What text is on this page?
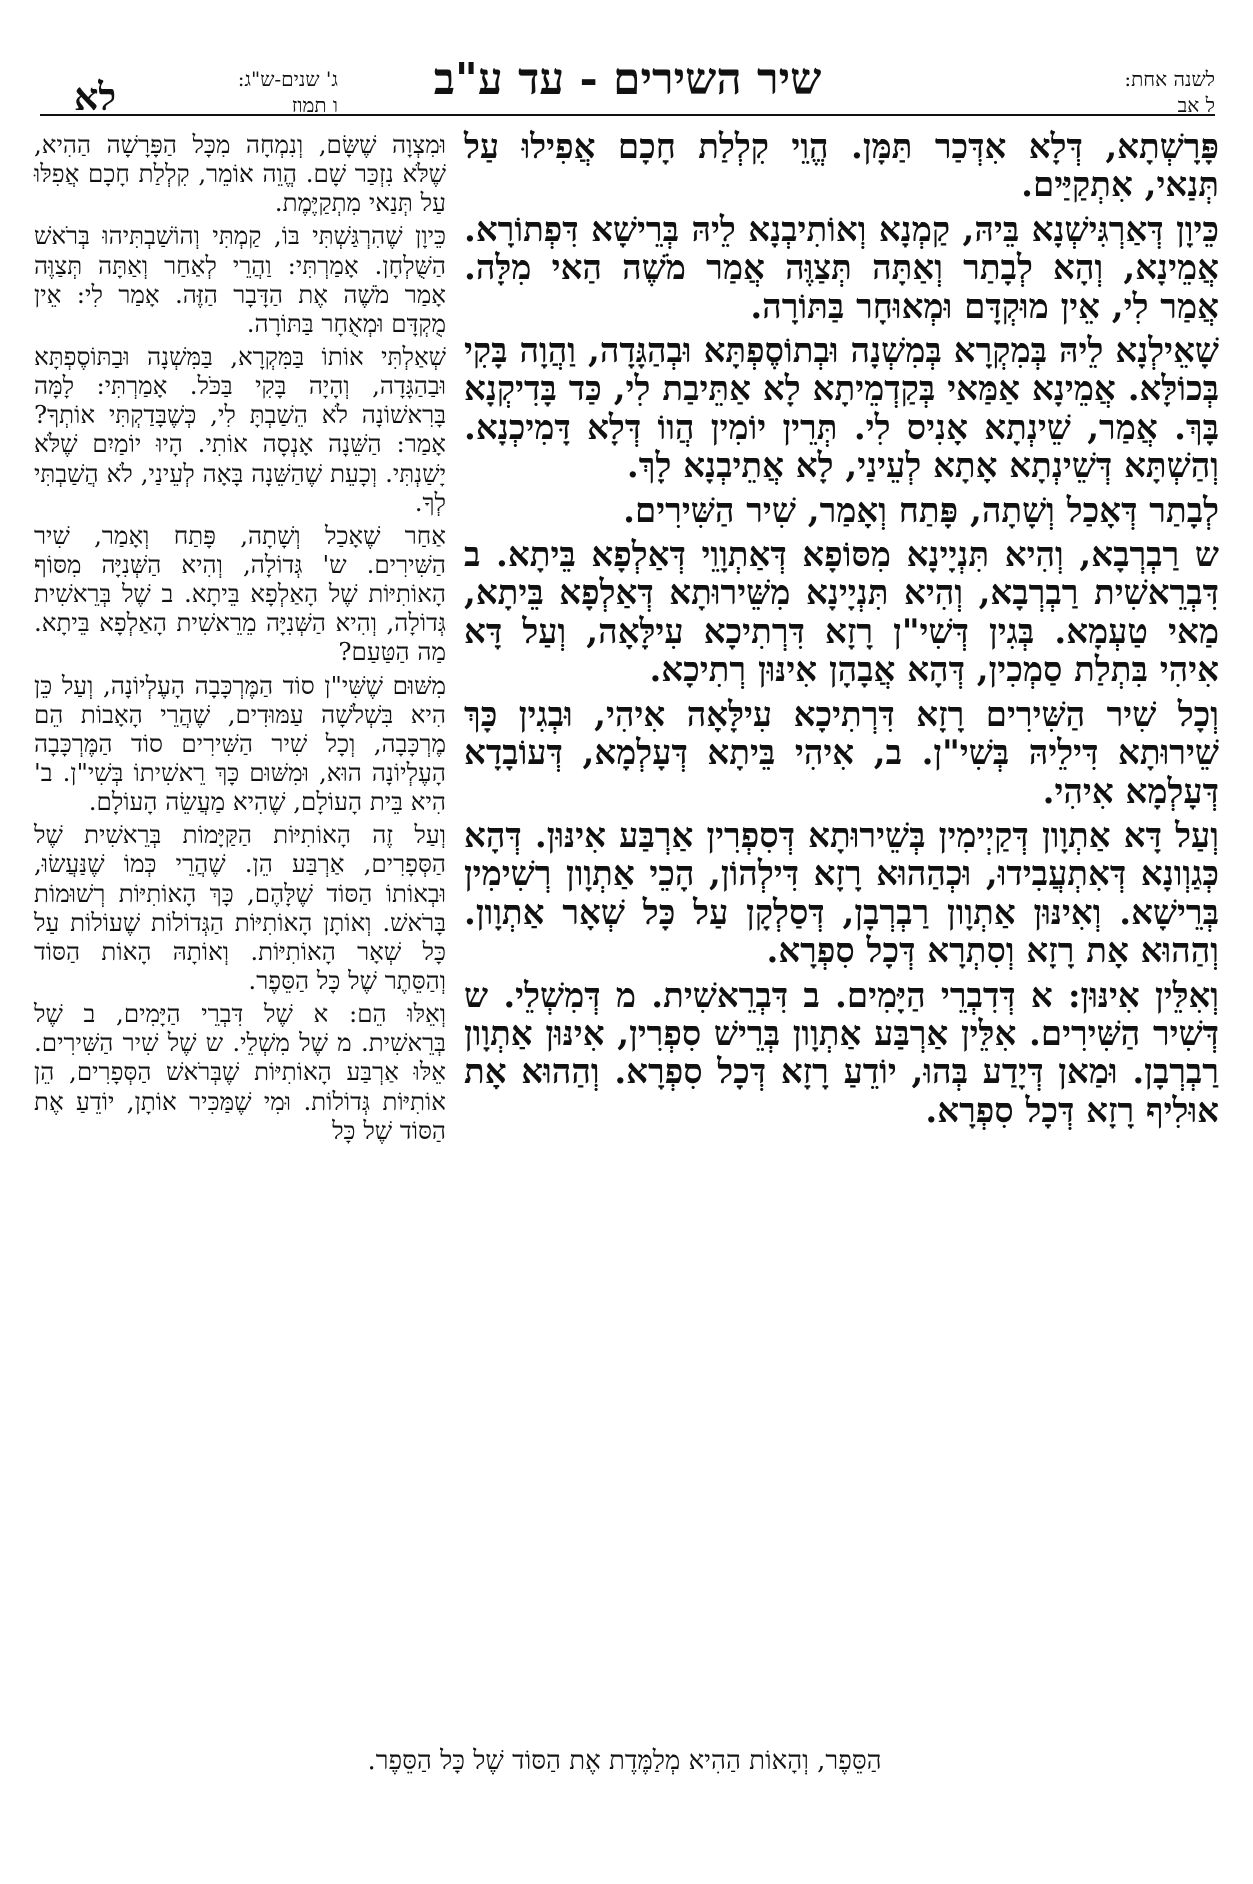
לשנה אחת:
ל אב
שיר השירים - עד ע"ב
ג' שנים-ש"ג:
ו תמוז
לא

פָּרָשְׁתָא, דְּלָא אִדְּכַר תַּמָּן. הֱוֵי קִלְלַת חָכָם אֲפִילוּ עַל תְּנַאי, אִתְקַיַּים.

כֵּיוָן דְּאַרְגִּישְׁנָא בֵּיהּ, קַמְנָא וְאוֹתִיבְנָא לֵיהּ בְּרֵישָׁא דִּפְתוֹרָא. אֲמֵינָא, וְהָא לְבָתַר וְאַתָּה תְּצַוֶּה אֲמַר מֹשֶׁה הַאי מִלָּה. אֲמַר לִי, אֵין מוּקְדָּם וּמְאוּחָר בַּתּוֹרָה.

שָׁאֵילְנָא לֵיהּ בְּמִקְרָא בְּמִשְׁנָה וּבְתוֹסֶפְתָּא וּבְהַגָּדָה, וַהֲוָה בָּקִי בְּכוֹלָּא. אֲמֵינָא אַמַּאי בְּקַדְמֵיתָא לָא אַתֵּיבַת לִי, כַּד בָּדִיקְנָא בָּךְ. אֲמַר, שֵׁינְתָא אָנִיס לִי. תְּרֵין יוֹמִין הֲווֹ דְּלָא דָּמִיכְנָא. וְהַשְׁתָּא דְּשֵׁינְתָא אָתָא לְעֵינַי, לָא אֲתֵיבְנָא לָךְ.

לְבָתַר דְּאָכַל וְשָׁתָה, פָּתַח וְאָמַר, שִׁיר הַשִּׁירִים.

ש רַבְרְבָא, וְהִיא תִּנְיָינָא מִסּוֹפָא דְּאַתְוָוֵי דְּאַלְפָא בֵּיתָא. ב דִּבְרֵאשִׁית רַבְרְבָא, וְהִיא תִּנְיָינָא מִשֵּׁירוּתָא דְּאַלְפָא בֵּיתָא, מַאי טַעְמָא. בְּגִין דְּשִׁי"ן רָזָא דִּרְתִיכָא עִילָּאָה, וְעַל דָּא אִיהִי בִּתְלַת סַמְכִין, דְּהָא אֲבָהָן אִינּוּן רְתִיכָא.

וְכָל שִׁיר הַשִּׁירִים רָזָא דִּרְתִיכָא עִילָּאָה אִיהִי, וּבְגִין כָּךְ שֵׁירוּתָא דִּילֵיהּ בְּשִׁי"ן. ב, אִיהִי בֵּיתָא דְּעָלְמָא, דְּעוֹבָדָא דְּעָלְמָא אִיהִי.

וְעַל דָּא אַתְוָון דְּקַיְימִין בְּשֵׁירוּתָא דְּסִפְרִין אַרְבַּע אִינּוּן. דְּהָא כְּגַוְונָא דְּאִתְעֲבִידוּ, וּכְהַהוּא רָזָא דִּילְהוֹן, הָכֵי אַתְוָון רְשִׁימִין בְּרֵישָׁא. וְאִינּוּן אַתְוָון רַבְרְבָן, דְּסַלְקָן עַל כָּל שְׁאָר אַתְוָון. וְהַהוּא אָת רָזָא וְסִתְרָא דְּכָל סִפְרָא.

וְאִלֵּין אִינּוּן: א דְּדִבְרֵי הַיָּמִים. ב דִּבְרֵאשִׁית. מ דְּמִשְׁלֵי. ש דְּשִׁיר הַשִּׁירִים. אִלֵּין אַרְבַּע אַתְוָון בְּרֵישׁ סִפְרִין, אִינּוּן אַתְוָון רַבְרְבָן. וּמַאן דְּיָדַע בְּהוּ, יוֹדֵעַ רָזָא דְּכָל סִפְרָא. וְהַהוּא אָת אוּלִיף רָזָא דְּכָל סִפְרָא.

וּמִצְוָה שֶׁשָּׂם, וְנִמְחָה מִכָּל הַפָּרָשָׁה הַהִיא, שֶׁלֹּא נִזְכַּר שָׁם. הֱוֵה אוֹמֵר, קִלְלַת חָכָם אֲפִלּוּ עַל תְּנַאי מִתְקַיֶּמֶת.

כֵּיוָן שֶׁהִרְגַּשְׁתִּי בּוֹ, קַמְתִּי וְהוֹשַׁבְתִּיהוּ בְּרֹאשׁ הַשֻּׁלְחָן. אָמַרְתִּי: וַהֲרֵי לְאַחַר וְאַתָּה תְּצַוֶּה אָמַר מֹשֶׁה אֶת הַדָּבָר הַזֶּה. אָמַר לִי: אֵין מֻקְדָּם וּמְאֻחָר בַּתּוֹרָה.

שְׁאַלְתִּי אוֹתוֹ בַּמִּקְרָא, בַּמִּשְׁנָה וּבַתּוֹסֶפְתָּא וּבַהַגָּדָה, וְהָיָה בָּקִי בַּכֹּל. אָמַרְתִּי: לָמָּה בָּרִאשׁוֹנָה לֹא הֵשַׁבְתָּ לִי, כְּשֶׁבָּדַקְתִּי אוֹתְךָ? אָמַר: הַשֵּׁנָה אָנְסָה אוֹתִי. הָיוּ יוֹמַיִם שֶׁלֹּא יָשַׁנְתִּי. וְכָעֵת שֶׁהַשֵּׁנָה בָּאָה לְעֵינַי, לֹא הֲשַׁבְתִּי לְךָ.

אַחַר שֶׁאָכַל וְשָׁתָה, פָּתַח וְאָמַר, שִׁיר הַשִּׁירִים. ש' גְּדוֹלָה, וְהִיא הַשְּׁנִיָּה מִסּוֹף הָאוֹתִיּוֹת שֶׁל הָאַלְפָא בֵּיתָא. ב שֶׁל בְּרֵאשִׁית גְּדוֹלָה, וְהִיא הַשְּׁנִיָּה מֵרֵאשִׁית הָאַלְפָא בֵּיתָא. מַה הַטַּעַם?

מִשּׁוּם שֶׁשִּׁי"ן סוֹד הַמֶּרְכָּבָה הָעֶלְיוֹנָה, וְעַל כֵּן הִיא בִּשְׁלֹשָׁה עַמּוּדִים, שֶׁהֲרֵי הָאָבוֹת הֵם מֶרְכָּבָה, וְכָל שִׁיר הַשִּׁירִים סוֹד הַמֶּרְכָּבָה הָעֶלְיוֹנָה הוּא, וּמִשּׁוּם כָּךְ רֵאשִׁיתוֹ בְּשִׁי"ן. ב' הִיא בֵּית הָעוֹלָם, שֶׁהִיא מַעֲשֵׂה הָעוֹלָם.

וְעַל זֶה הָאוֹתִיּוֹת הַקַּיָּמוֹת בְּרֵאשִׁית שֶׁל הַסְּפָרִים, אַרְבַּע הֵן. שֶׁהֲרֵי כְּמוֹ שֶׁנַּעֲשׂוּ, וּבְאוֹתוֹ הַסּוֹד שֶׁלָּהֶם, כָּךְ הָאוֹתִיּוֹת רְשׁוּמוֹת בָּרֹאשׁ. וְאוֹתָן הָאוֹתִיּוֹת הַגְּדוֹלוֹת שֶׁעוֹלוֹת עַל כָּל שְׁאָר הָאוֹתִיּוֹת. וְאוֹתָהּ הָאוֹת הַסּוֹד וְהַסֵּתֶר שֶׁל כָּל הַסֵּפֶר.

וְאֵלּוּ הֵם: א שֶׁל דִּבְרֵי הַיָּמִים, ב שֶׁל בְּרֵאשִׁית. מ שֶׁל מִשְׁלֵי. ש שֶׁל שִׁיר הַשִּׁירִים. אֵלּוּ אַרְבַּע הָאוֹתִיּוֹת שֶׁבְּרֹאשׁ הַסְּפָרִים, הֵן אוֹתִיּוֹת גְּדוֹלוֹת. וּמִי שֶׁמַּכִּיר אוֹתָן, יוֹדֵעַ אֶת הַסּוֹד שֶׁל כָּל

הַסֵּפֶר, וְהָאוֹת הַהִיא מְלַמֶּדֶת אֶת הַסּוֹד שֶׁל כָּל הַסֵּפֶר.
